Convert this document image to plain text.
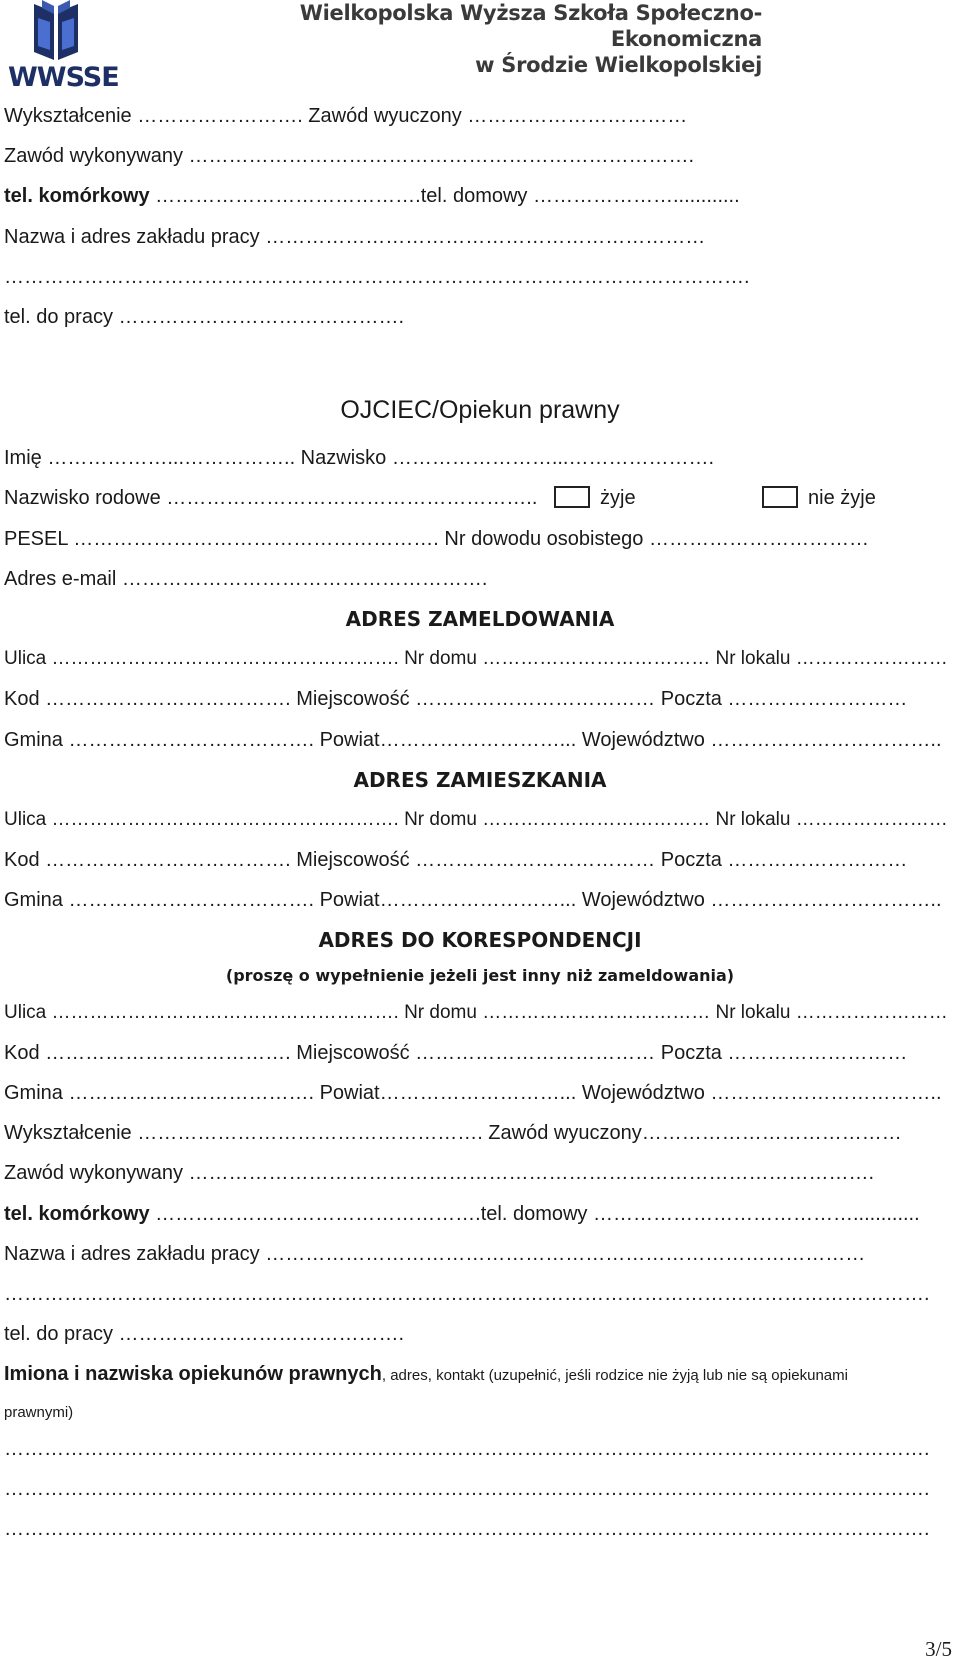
WWSSE
Wielkopolska Wyższa Szkoła Społeczno-Ekonomiczna
w Środzie Wielkopolskiej
Wykształcenie ……………………. Zawód wyuczony ……………………………
Zawód wykonywany ………………………………………………………………….
tel. komórkowy ………………………………….tel. domowy …………………............
Nazwa i adres zakładu pracy …………………………………………………………
………………………………………………………………………………………………….
tel. do pracy …………………………………….
OJCIEC/Opiekun prawny
Imię ………………...…………….. Nazwisko ……………………...………………….
Nazwisko rodowe ………………………………………………..	żyje	nie żyje
PESEL ………………………………………………. Nr dowodu osobistego ……………………………
Adres e-mail ……………………………………………….
ADRES ZAMELDOWANIA
Ulica ………………………………………………. Nr domu ……………………………… Nr lokalu ……………………
Kod ………………………………. Miejscowość ……………………………… Poczta ………………………
Gmina ………………………………. Powiat………………………... Województwo ……………………………..
ADRES ZAMIESZKANIA
Ulica ………………………………………………. Nr domu ……………………………… Nr lokalu ……………………
Kod ………………………………. Miejscowość ……………………………… Poczta ………………………
Gmina ………………………………. Powiat………………………... Województwo ……………………………..
ADRES DO KORESPONDENCJI
(proszę o wypełnienie jeżeli jest inny niż zameldowania)
Ulica ………………………………………………. Nr domu ……………………………… Nr lokalu ……………………
Kod ………………………………. Miejscowość ……………………………… Poczta ………………………
Gmina ………………………………. Powiat………………………... Województwo ……………………………..
Wykształcenie ……………………………………………. Zawód wyuczony…………………………………
Zawód wykonywany ………………………………………………………………………………………….
tel. komórkowy ………………………………………….tel. domowy …………………………………............
Nazwa i adres zakładu pracy ………………………………………………………………………………
………………………………………………………………………………………………………………………….
tel. do pracy …………………………………….
Imiona i nazwiska opiekunów prawnych, adres, kontakt (uzupełnić, jeśli rodzice nie żyją lub nie są opiekunami
prawnymi)
………………………………………………………………………………………………………………………….
………………………………………………………………………………………………………………………….
………………………………………………………………………………………………………………………….
3/5
